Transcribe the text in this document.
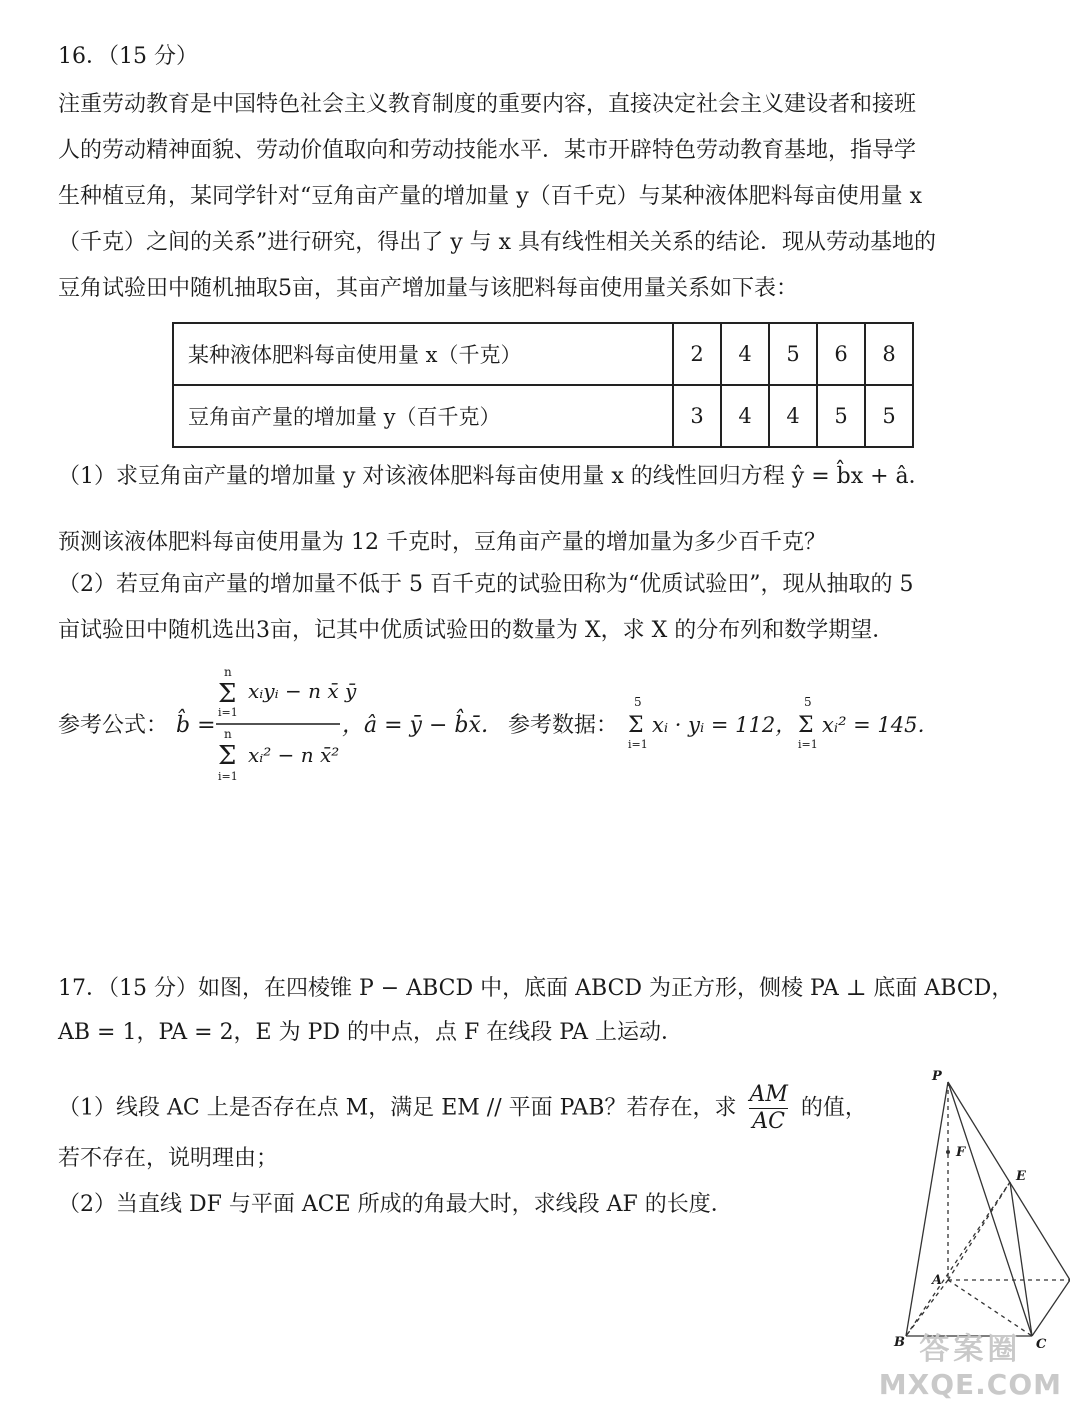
16．（15 分）
注重劳动教育是中国特色社会主义教育制度的重要内容，直接决定社会主义建设者和接班
人的劳动精神面貌、劳动价值取向和劳动技能水平．某市开辟特色劳动教育基地，指导学
生种植豆角，某同学针对“豆角亩产量的增加量 y（百千克）与某种液体肥料每亩使用量 x
（千克）之间的关系”进行研究，得出了 y 与 x 具有线性相关关系的结论．现从劳动基地的
豆角试验田中随机抽取5亩，其亩产增加量与该肥料每亩使用量关系如下表：
某种液体肥料每亩使用量 x（千克）	2	4	5	6	8
豆角亩产量的增加量 y（百千克）	3	4	4	5	5
（1）求豆角亩产量的增加量 y 对该液体肥料每亩使用量 x 的线性回归方程 ŷ = b̂x + â．
预测该液体肥料每亩使用量为 12 千克时，豆角亩产量的增加量为多少百千克？
（2）若豆角亩产量的增加量不低于 5 百千克的试验田称为“优质试验田”，现从抽取的 5
亩试验田中随机选出3亩，记其中优质试验田的数量为 X，求 X 的分布列和数学期望．
参考公式： b̂ =
n
Σ
i=1
xᵢyᵢ − n x̄ ȳ
n
Σ
i=1
xᵢ² − n x̄²
，â = ȳ − b̂x̄． 参考数据：
5
Σ
i=1
xᵢ · yᵢ = 112，
5
Σ
i=1
xᵢ² = 145．
17．（15 分）如图，在四棱锥 P − ABCD 中，底面 ABCD 为正方形，侧棱 PA ⊥ 底面 ABCD，
AB = 1，PA = 2，E 为 PD 的中点，点 F 在线段 PA 上运动．
（1）线段 AC 上是否存在点 M，满足 EM // 平面 PAB？若存在，求 $\frac{AM}{AC}$ 的值，
若不存在，说明理由；
（2）当直线 DF 与平面 ACE 所成的角最大时，求线段 AF 的长度．
P
F
E
A
B	C
答案圈
MXQE.COM
